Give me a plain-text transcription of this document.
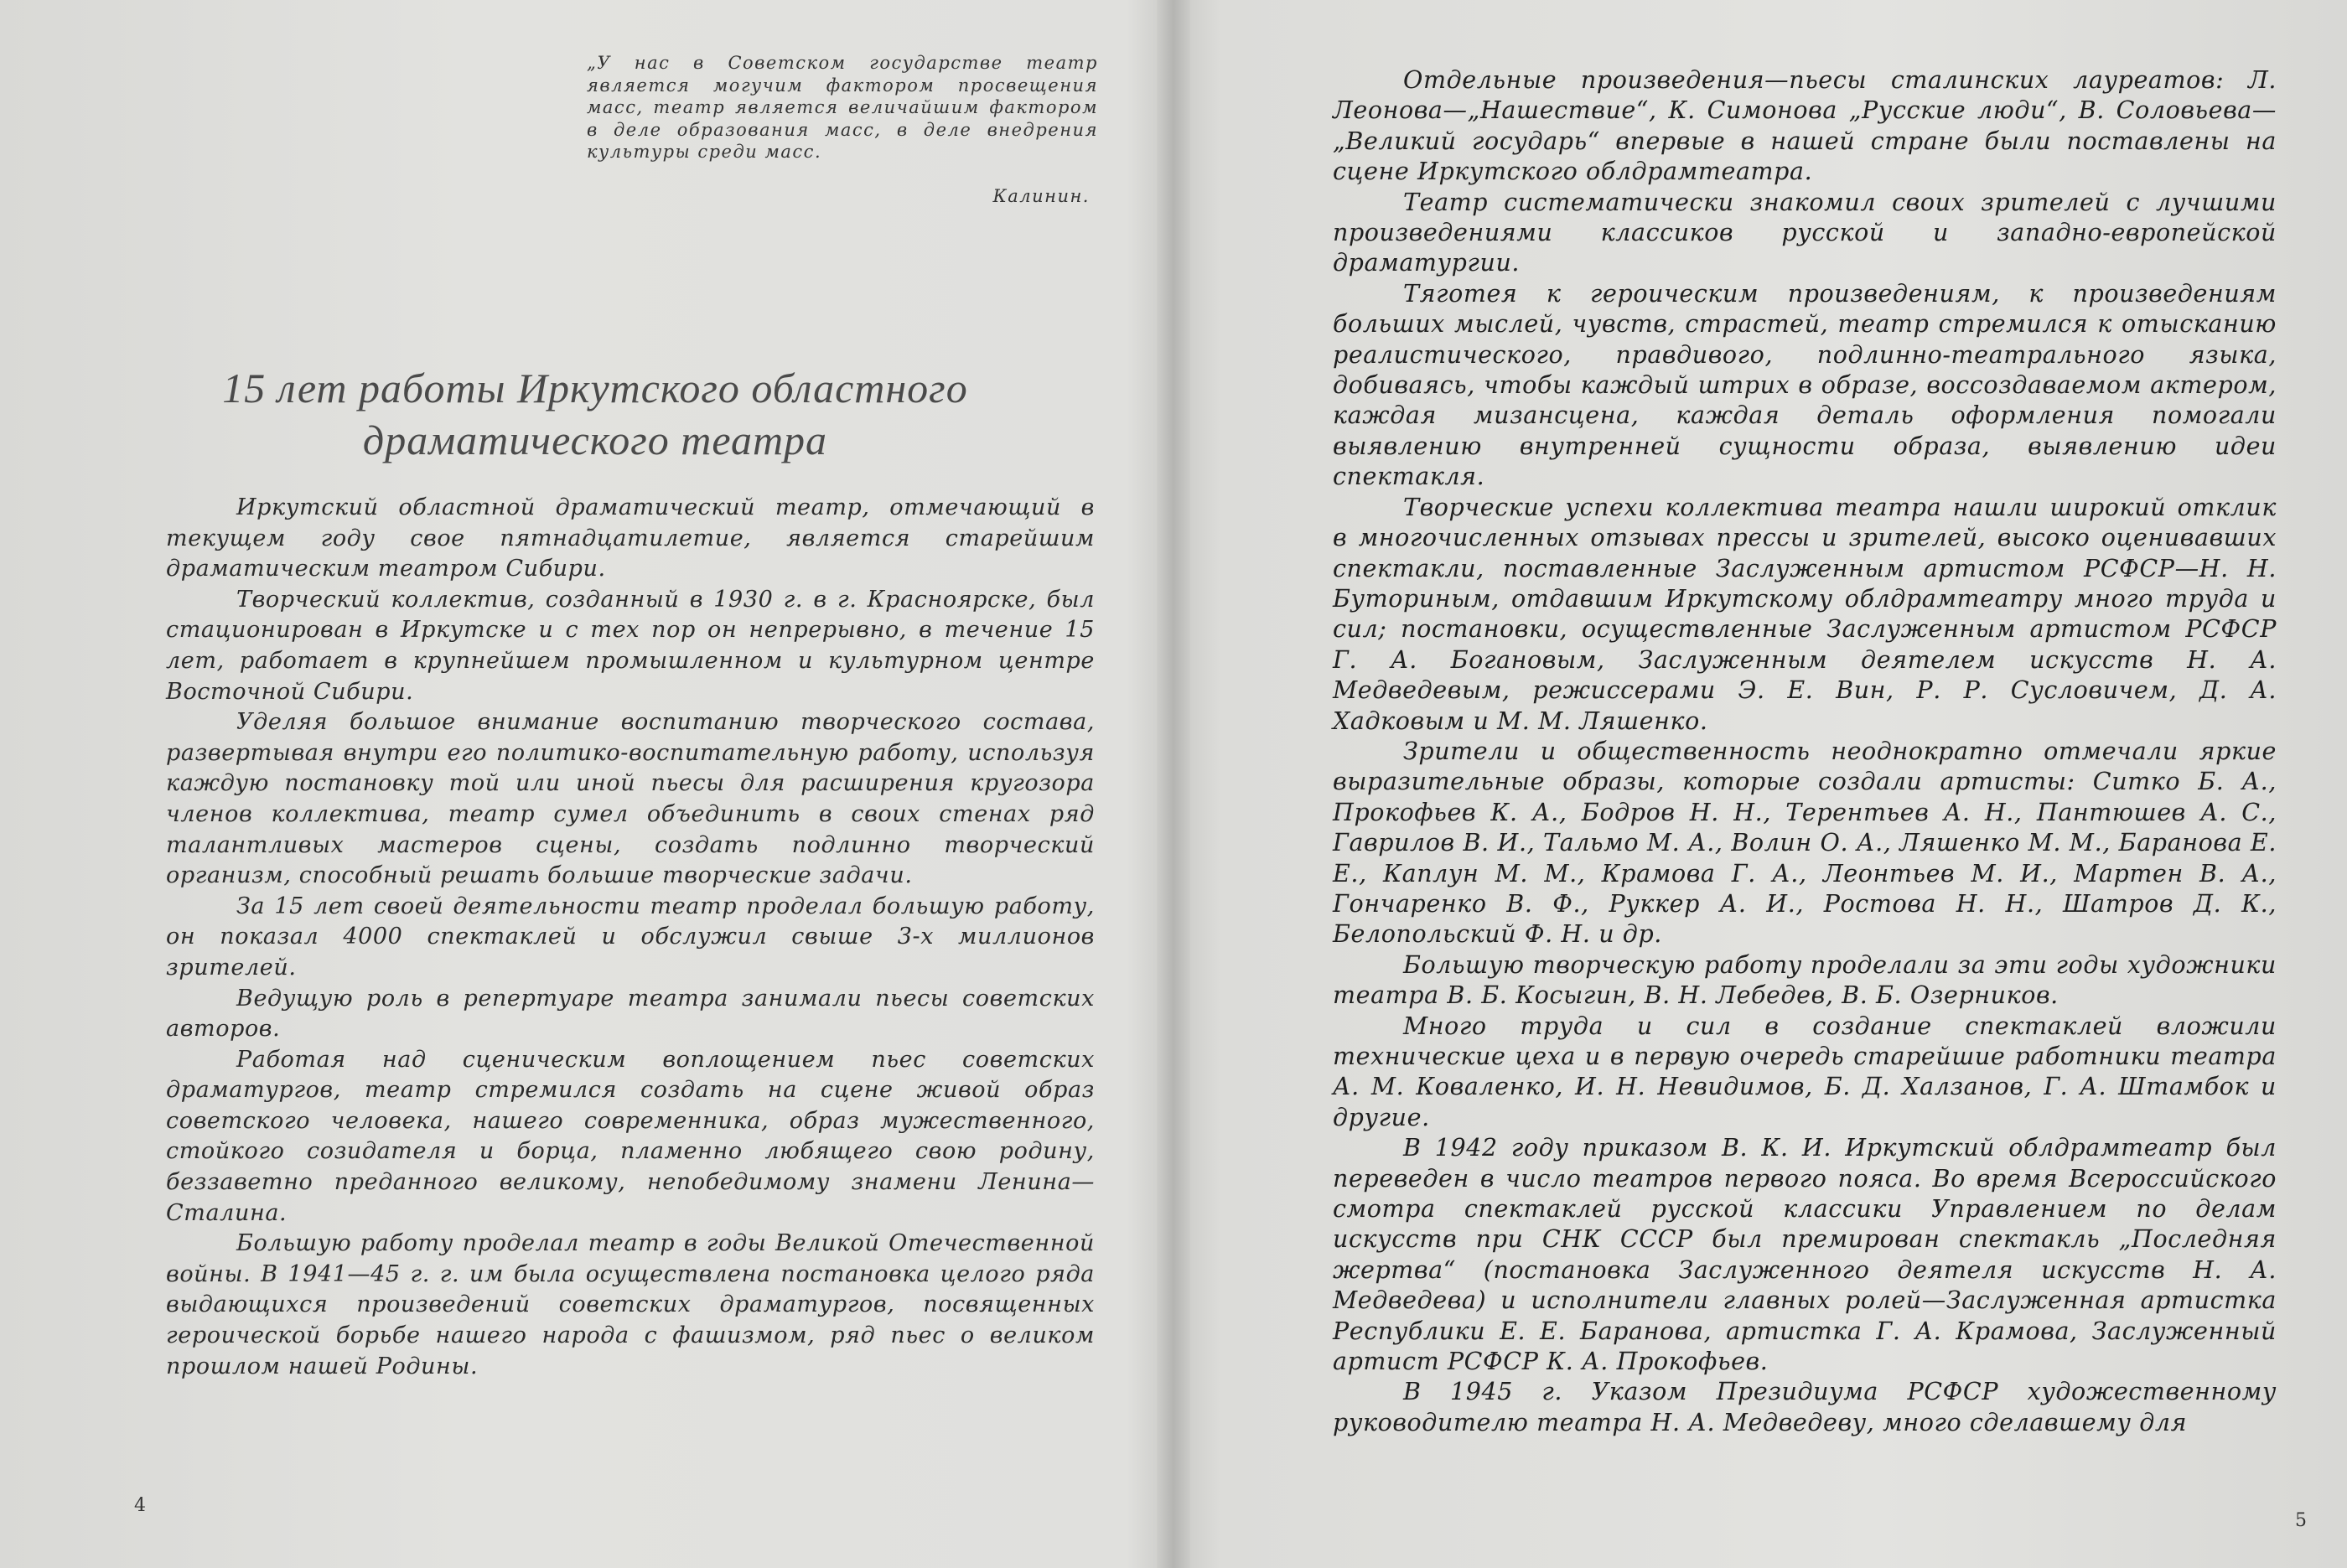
„У нас в Советском государстве театр является могучим фактором просвещения масс, театр является величайшим фактором в деле образования масс, в деле внедрения культуры среди масс.
Калинин.
15 лет работы Иркутского областного драматического театра

Иркутский областной драматический театр, отмечающий в текущем году свое пятнадцатилетие, является старейшим драматическим театром Сибири.

Творческий коллектив, созданный в 1930 г. в г. Красноярске, был стационирован в Иркутске и с тех пор он непрерывно, в течение 15 лет, работает в крупнейшем промышленном и культурном центре Восточной Сибири.

Уделяя большое внимание воспитанию творческого состава, развертывая внутри его политико-воспитательную работу, используя каждую постановку той или иной пьесы для расширения кругозора членов коллектива, театр сумел объединить в своих стенах ряд талантливых мастеров сцены, создать подлинно творческий организм, способный решать большие творческие задачи.

За 15 лет своей деятельности театр проделал большую работу, он показал 4000 спектаклей и обслужил свыше 3-х миллионов зрителей.

Ведущую роль в репертуаре театра занимали пьесы советских авторов.

Работая над сценическим воплощением пьес советских драматургов, театр стремился создать на сцене живой образ советского человека, нашего современника, образ мужественного, стойкого созидателя и борца, пламенно любящего свою родину, беззаветно преданного великому, непобедимому знамени Ленина—Сталина.

Большую работу проделал театр в годы Великой Отечественной войны. В 1941—45 г. г. им была осуществлена постановка целого ряда выдающихся произведений советских драматургов, посвященных героической борьбе нашего народа с фашизмом, ряд пьес о великом прошлом нашей Родины.

4

Отдельные произведения—пьесы сталинских лауреатов: Л. Леонова—„Нашествие“, К. Симонова „Русские люди“, В. Соловьева—„Великий государь“ впервые в нашей стране были поставлены на сцене Иркутского облдрамтеатра.

Театр систематически знакомил своих зрителей с лучшими произведениями классиков русской и западно-европейской драматургии.

Тяготея к героическим произведениям, к произведениям больших мыслей, чувств, страстей, театр стремился к отысканию реалистического, правдивого, подлинно-театрального языка, добиваясь, чтобы каждый штрих в образе, воссоздаваемом актером, каждая мизансцена, каждая деталь оформления помогали выявлению внутренней сущности образа, выявлению идеи спектакля.

Творческие успехи коллектива театра нашли широкий отклик в многочисленных отзывах прессы и зрителей, высоко оценивавших спектакли, поставленные Заслуженным артистом РСФСР—Н. Н. Буториным, отдавшим Иркутскому облдрамтеатру много труда и сил; постановки, осуществленные Заслуженным артистом РСФСР Г. А. Богановым, Заслуженным деятелем искусств Н. А. Медведевым, режиссерами Э. Е. Вин, Р. Р. Сусловичем, Д. А. Хадковым и М. М. Ляшенко.

Зрители и общественность неоднократно отмечали яркие выразительные образы, которые создали артисты: Ситко Б. А., Прокофьев К. А., Бодров Н. Н., Терентьев А. Н., Пантюшев А. С., Гаврилов В. И., Тальмо М. А., Волин О. А., Ляшенко М. М., Баранова Е. Е., Каплун М. М., Крамова Г. А., Леонтьев М. И., Мартен В. А., Гончаренко В. Ф., Руккер А. И., Ростова Н. Н., Шатров Д. К., Белопольский Ф. Н. и др.

Большую творческую работу проделали за эти годы художники театра В. Б. Косыгин, В. Н. Лебедев, В. Б. Озерников.

Много труда и сил в создание спектаклей вложили технические цеха и в первую очередь старейшие работники театра А. М. Коваленко, И. Н. Невидимов, Б. Д. Халзанов, Г. А. Штамбок и другие.

В 1942 году приказом В. К. И. Иркутский облдрамтеатр был переведен в число театров первого пояса. Во время Всероссийского смотра спектаклей русской классики Управлением по делам искусств при СНК СССР был премирован спектакль „Последняя жертва“ (постановка Заслуженного деятеля искусств Н. А. Медведева) и исполнители главных ролей—Заслуженная артистка Республики Е. Е. Баранова, артистка Г. А. Крамова, Заслуженный артист РСФСР К. А. Прокофьев.

В 1945 г. Указом Президиума РСФСР художественному руководителю театра Н. А. Медведеву, много сделавшему для

5
